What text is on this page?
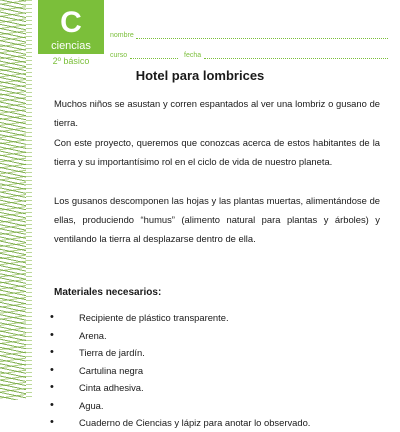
C
ciencias
2º básico
nombre
curso	fecha
Hotel para lombrices

Muchos niños se asustan y corren espantados al ver una lombriz o gusano de tierra.

Con este proyecto, queremos que conozcas acerca de estos habitantes de la tierra y su importantísimo rol en el ciclo de vida de nuestro planeta.

Los gusanos descomponen las hojas y las plantas muertas, alimentándose de ellas, produciendo “humus” (alimento natural para plantas y árboles) y ventilando la tierra al desplazarse dentro de ella.

Materiales necesarios:
• Recipiente de plástico transparente.
• Arena.
• Tierra de jardín.
• Cartulina negra
• Cinta adhesiva.
• Agua.
• Cuaderno de Ciencias y lápiz para anotar lo observado.
